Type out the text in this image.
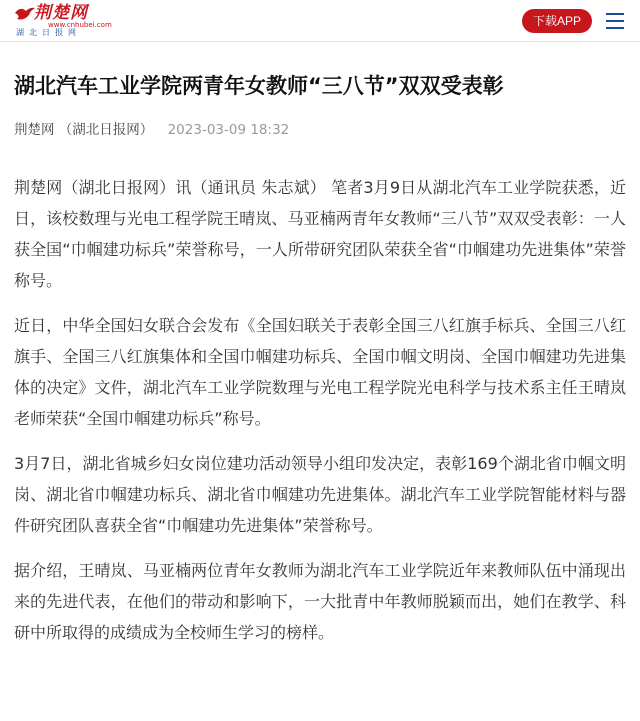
荆楚网
www.cnhubei.com
湖北日报网
下载APP
湖北汽车工业学院两青年女教师“三八节”双双受表彰
荆楚网 （湖北日报网） 2023-03-09 18:32

荆楚网（湖北日报网）讯（通讯员 朱志斌） 笔者3月9日从湖北汽车工业学院获悉，近日，该校数理与光电工程学院王晴岚、马亚楠两青年女教师“三八节”双双受表彰：一人获全国“巾帼建功标兵”荣誉称号，一人所带研究团队荣获全省“巾帼建功先进集体”荣誉称号。

近日，中华全国妇女联合会发布《全国妇联关于表彰全国三八红旗手标兵、全国三八红旗手、全国三八红旗集体和全国巾帼建功标兵、全国巾帼文明岗、全国巾帼建功先进集体的决定》文件，湖北汽车工业学院数理与光电工程学院光电科学与技术系主任王晴岚老师荣获“全国巾帼建功标兵”称号。

3月7日，湖北省城乡妇女岗位建功活动领导小组印发决定，表彰169个湖北省巾帼文明岗、湖北省巾帼建功标兵、湖北省巾帼建功先进集体。湖北汽车工业学院智能材料与器件研究团队喜获全省“巾帼建功先进集体”荣誉称号。

据介绍，王晴岚、马亚楠两位青年女教师为湖北汽车工业学院近年来教师队伍中涌现出来的先进代表，在他们的带动和影响下，一大批青中年教师脱颖而出，她们在教学、科研中所取得的成绩成为全校师生学习的榜样。
